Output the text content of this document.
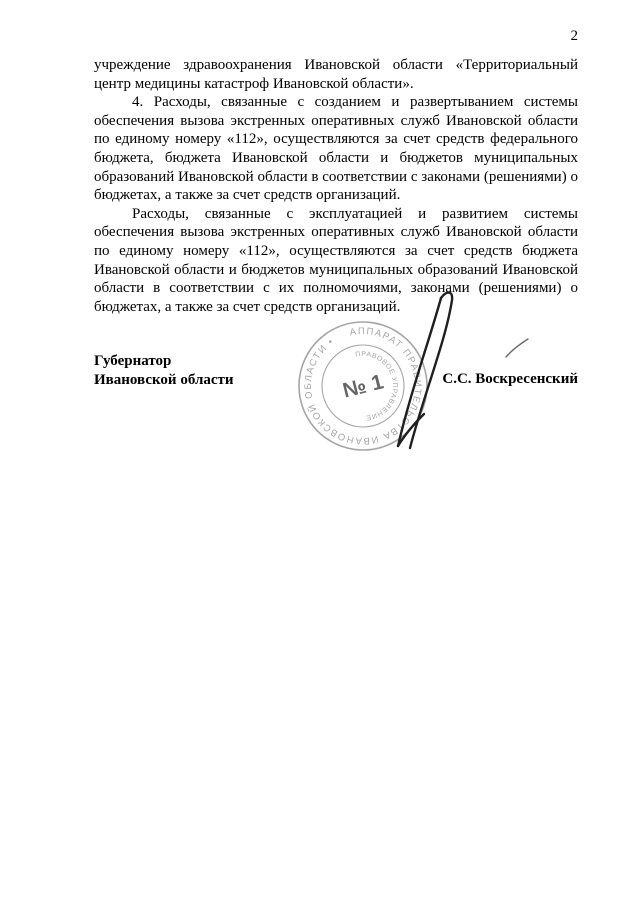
2

учреждение здравоохранения Ивановской области «Территориальный центр медицины катастроф Ивановской области».

4. Расходы, связанные с созданием и развертыванием системы обеспечения вызова экстренных оперативных служб Ивановской области по единому номеру «112», осуществляются за счет средств федерального бюджета, бюджета Ивановской области и бюджетов муниципальных образований Ивановской области в соответствии с законами (решениями) о бюджетах, а также за счет средств организаций.

Расходы, связанные с эксплуатацией и развитием системы обеспечения вызова экстренных оперативных служб Ивановской области по единому номеру «112», осуществляются за счет средств бюджета Ивановской области и бюджетов муниципальных образований Ивановской области в соответствии с их полномочиями, законами (решениями) о бюджетах, а также за счет средств организаций.

АППАРАТ ПРАВИТЕЛЬСТВА ИВАНОВСКОЙ ОБЛАСТИ •
ПРАВОВОЕ УПРАВЛЕНИЕ
№ 1
Губернатор
Ивановской области	С.С. Воскресенский
